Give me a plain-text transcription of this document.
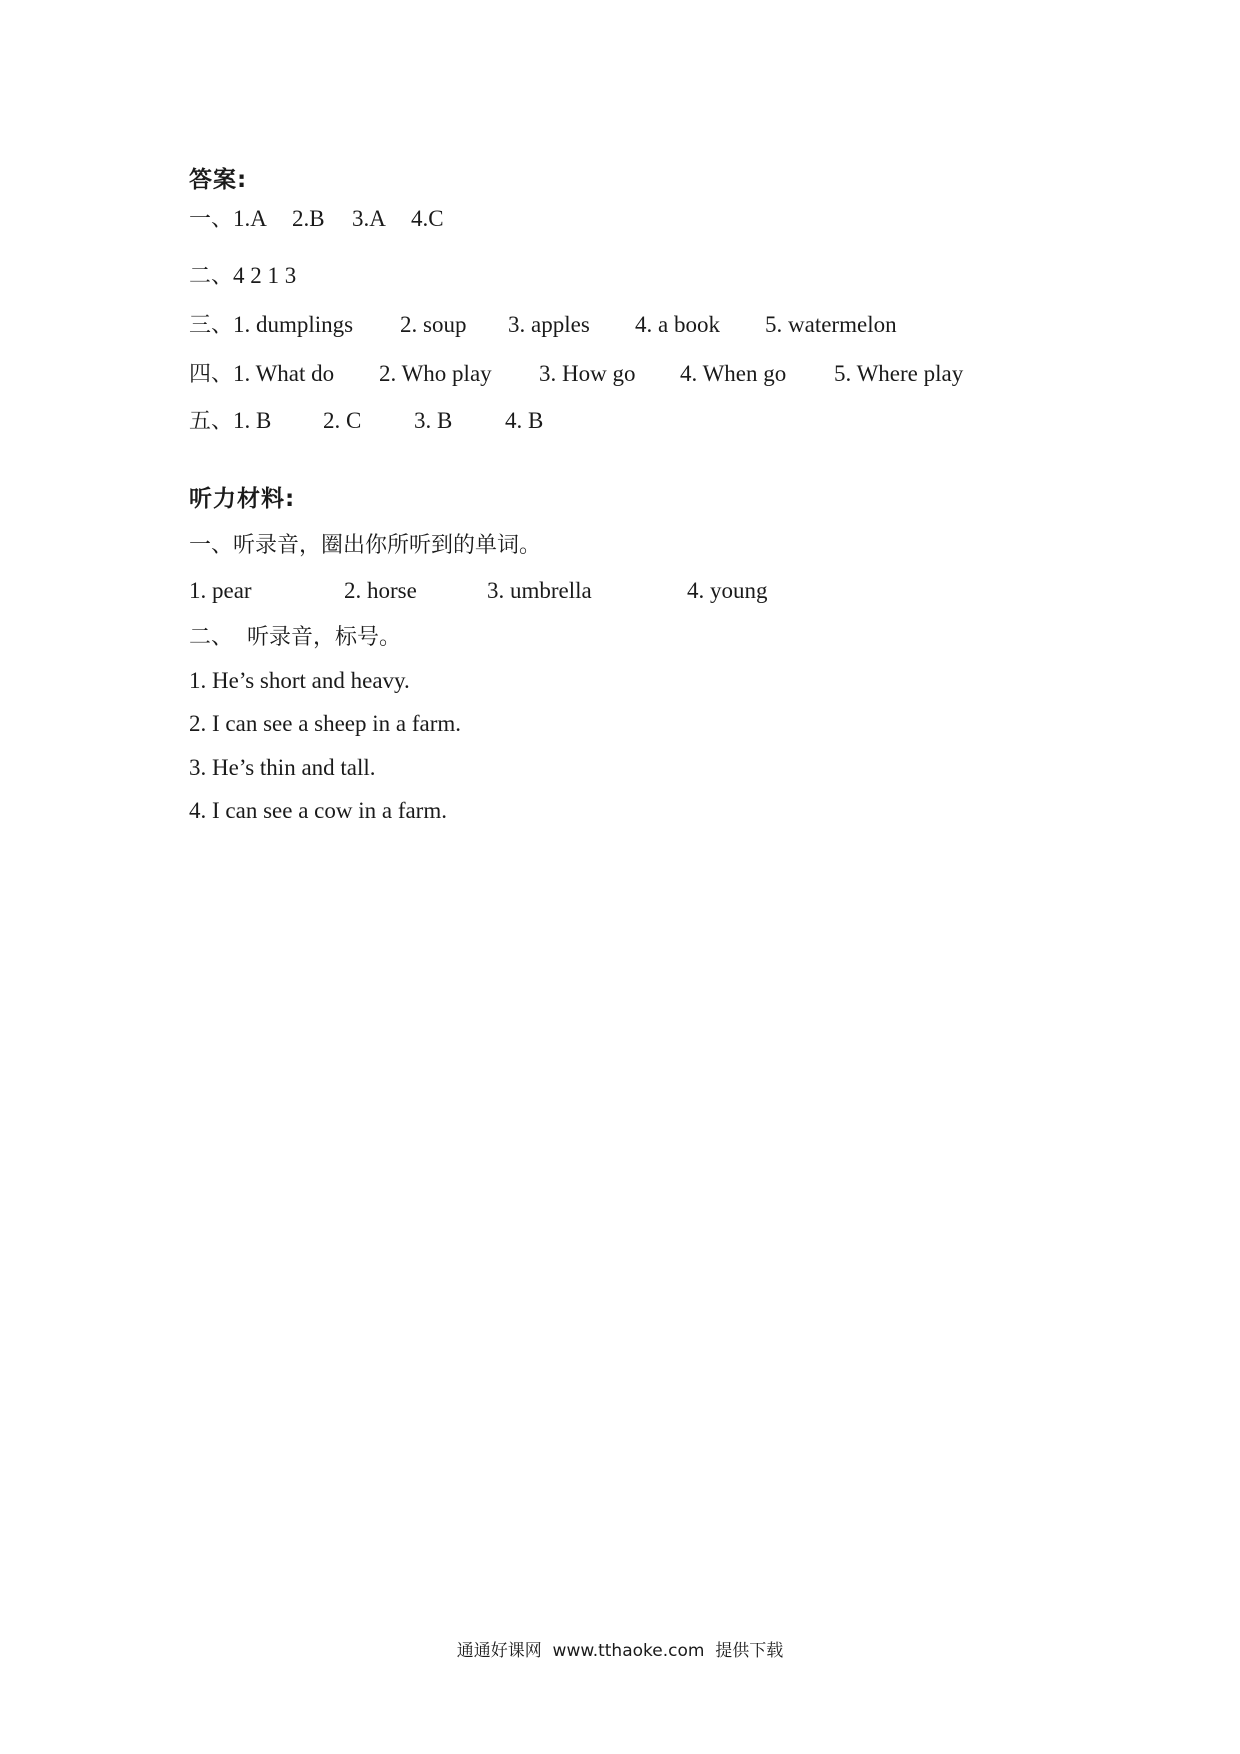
答案:
一、 1.A	2.B	3.A	4.C
二、 4 2 1 3
三、 1. dumplings	2. soup	3. apples	4. a book	5. watermelon
四、 1. What do	2. Who play	3. How go	4. When go	5. Where play
五、 1. B	2. C	3. B	4. B
听力材料:
一、听录音，圈出你所听到的单词。
1. pear	2. horse	3. umbrella	4. young
二、  听录音，标号。
1. He’s short and heavy.
2. I can see a sheep in a farm.
3. He’s thin and tall.
4. I can see a cow in a farm.
通通好课网 www.tthaoke.com 提供下载
